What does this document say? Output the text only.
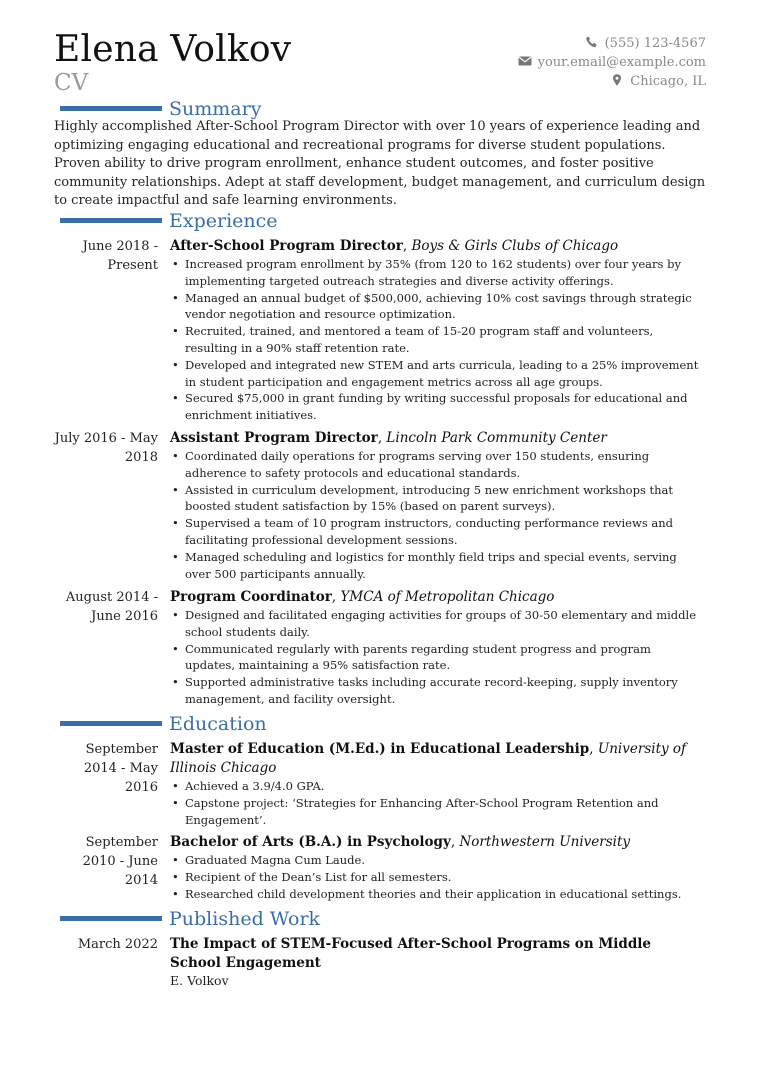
Elena Volkov
CV
(555) 123-4567
your.email@example.com
Chicago, IL
Summary
Highly accomplished After-School Program Director with over 10 years of experience leading and optimizing engaging educational and recreational programs for diverse student populations. Proven ability to drive program enrollment, enhance student outcomes, and foster positive community relationships. Adept at staff development, budget management, and curriculum design to create impactful and safe learning environments.
Experience
June 2018 - Present
After-School Program Director, Boys & Girls Clubs of Chicago
• Increased program enrollment by 35% (from 120 to 162 students) over four years by implementing targeted outreach strategies and diverse activity offerings.
• Managed an annual budget of $500,000, achieving 10% cost savings through strategic vendor negotiation and resource optimization.
• Recruited, trained, and mentored a team of 15-20 program staff and volunteers, resulting in a 90% staff retention rate.
• Developed and integrated new STEM and arts curricula, leading to a 25% improvement in student participation and engagement metrics across all age groups.
• Secured $75,000 in grant funding by writing successful proposals for educational and enrichment initiatives.
July 2016 - May 2018
Assistant Program Director, Lincoln Park Community Center
• Coordinated daily operations for programs serving over 150 students, ensuring adherence to safety protocols and educational standards.
• Assisted in curriculum development, introducing 5 new enrichment workshops that boosted student satisfaction by 15% (based on parent surveys).
• Supervised a team of 10 program instructors, conducting performance reviews and facilitating professional development sessions.
• Managed scheduling and logistics for monthly field trips and special events, serving over 500 participants annually.
August 2014 - June 2016
Program Coordinator, YMCA of Metropolitan Chicago
• Designed and facilitated engaging activities for groups of 30-50 elementary and middle school students daily.
• Communicated regularly with parents regarding student progress and program updates, maintaining a 95% satisfaction rate.
• Supported administrative tasks including accurate record-keeping, supply inventory management, and facility oversight.
Education
September 2014 - May 2016
Master of Education (M.Ed.) in Educational Leadership, University of Illinois Chicago
• Achieved a 3.9/4.0 GPA.
• Capstone project: ‘Strategies for Enhancing After-School Program Retention and Engagement’.
September 2010 - June 2014
Bachelor of Arts (B.A.) in Psychology, Northwestern University
• Graduated Magna Cum Laude.
• Recipient of the Dean’s List for all semesters.
• Researched child development theories and their application in educational settings.
Published Work
March 2022 The Impact of STEM-Focused After-School Programs on Middle School Engagement
E. Volkov
